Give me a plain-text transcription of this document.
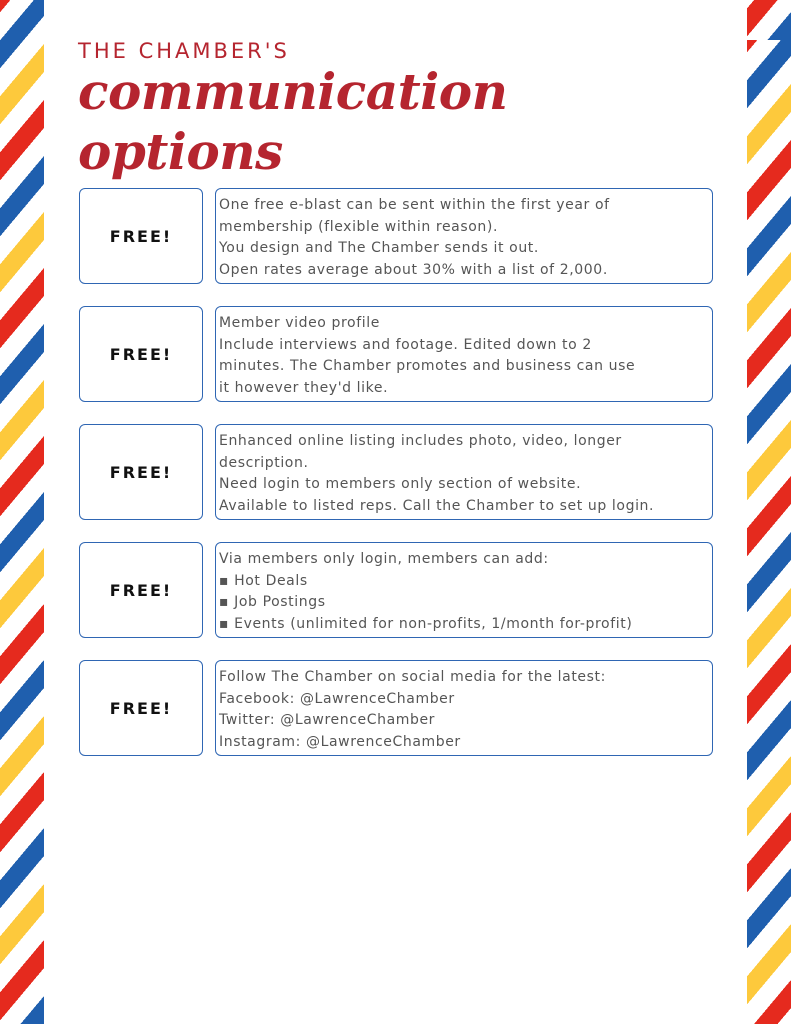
THE CHAMBER'S

communication options
FREE!
One free e-blast can be sent within the first year of
membership (flexible within reason).
You design and The Chamber sends it out.
Open rates average about 30% with a list of 2,000.
FREE!
Member video profile
Include interviews and footage. Edited down to 2
minutes. The Chamber promotes and business can use
it however they'd like.
FREE!
Enhanced online listing includes photo, video, longer
description.
Need login to members only section of website.
Available to listed reps. Call the Chamber to set up login.
FREE!
Via members only login, members can add:
▪ Hot Deals
▪ Job Postings
▪ Events (unlimited for non-profits, 1/month for-profit)
FREE!
Follow The Chamber on social media for the latest:
Facebook: @LawrenceChamber
Twitter: @LawrenceChamber
Instagram: @LawrenceChamber
